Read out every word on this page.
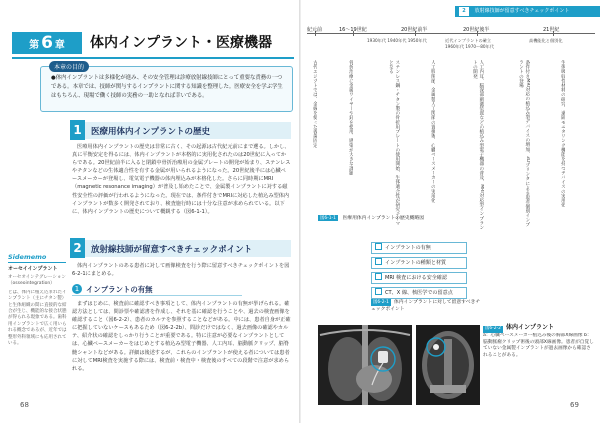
第 6 章 体内インプラント・医療機器
本章の目的
●体内インプラントは多様化が進み、その安全管理は診療放射線技師にとって重要な責務の一つである。本章では、技師が関与するインプラントに関する知識を整理した。医療安全を学ぶ学生はもちろん、現場で働く技師の実務の一助となれば幸いである。
1	医療用体内インプラントの歴史
医療用体内インプラントの歴史は非常に古く、その起源は古代紀元前にまで遡る。しかし、真に平衡安定を得るには、体内インプラントが本格的に実用化されたのは20世紀に入ってからである。20世紀前半に入ると閉鎖中骨折治療用の金属プレートの開発が始まり、ステンレスやチタンなどの生体適合性を有する金属が用いられるようになった。20世紀後半には心臓ペースメーカーが登場し、電気電子機器の体内埋込みが本格化した。さらに同時期にMRI（magnetic resonance imaging）が普及し始めたことで、金属製インプラントに対する磁性安全性の評価が行われるようになった。現在では、条件付きでMRIに対応した植込み型体内インプラントが数多く開発されており、検査施行時には十分な注意が求められている。以下に、体内インプラントの歴史について概観する（図6-1-1）。
2	放射線技師が留意すべきチェックポイント
体内インプラントのある患者に対して画像検査を行う際に留意すべきチェックポイントを図6-2-1にまとめる。
Sidememo
オーセイインプラント
オーセオインテグレーション（osseointegration）
とは、体内に植え込まれたインプラント（主にチタン製）と生体組織の間に直接的な結合が生じ、機能的な接合状態が得られる現象である。歯科用インプラントで広く用いられる概念であるが、近年では整形外科領域にも応用されている。
1 インプラントの有無
まずはじめに、検査前に確認すべき事項として、体内インプラントの有無が挙げられる。確認方法としては、問診票や確認書を作成し、それを基に確認を行うことや、過去の検査画像を確認すること（図6-2-2）、患者のカルテを参照することなどがある。中には、患者自身が正確に把握していないケースもあるため（図6-2-2b）、問診だけではなく、過去画像の確認やカルテ、紹介状の確認をしっかり行うことが重要である。特に注意が必要なインプラントとしては、心臓ペースメーカーをはじめとする植込み型電子機器、人工内耳、脳動脈クリップ、脳脊髄シャントなどがある。詳細は後述するが、これらのインプラントが使える者については患者に対してMRI検査を実施する際には、検査前・検査中・検査後のすべての段階で注意が求められる。
68
2 放射線技師が留意すべきチェックポイント
紀元前	16〜19世紀	20世紀前半	20世紀後半	21世紀
1930年代 1940年代 1950年代	近代インプラントの確立
1960年代 1970〜80年代
高機能化と個別化
古代エジプトでは、金線を使った義歯固定	骨折治療に金属ワイヤーや釘を使用、感染が大きな課題	ステンレス鋼・チタン製の骨折用プレートの使用開始、生体適合性が研究テーマとなる	人工股関節、金属製人工関節の置換術、心臓ペースメーカーの実用化	人工内耳、脳深部刺激装置などの植込み型電子機器の普及、MRI対応型インプラントの開発	条件付きMRI対応の植込み型デバイスの増加、3Dプリンタによる患者個別インプラントの登場	生体吸収性材料の研究、遠隔モニタリング機能を持つデバイスの実用化
図6-1-1 医療用体内インプラントの歴史概略図
インプラントの有無
インプラントの種類と材質
MRI 検査における安全確認
CT、X 線、核医学での留意点
図6-2-1 体内インプラントに対して留意すべきチェックポイント
図6-2-2 体内インプラント
a：心臓ペースメーカー植込み後の胸部X線画像 b：脳動脈瘤クリップ術後の頭部X線画像。患者が自覚していない金属製インプラントが過去画像から確認されることがある。
69
